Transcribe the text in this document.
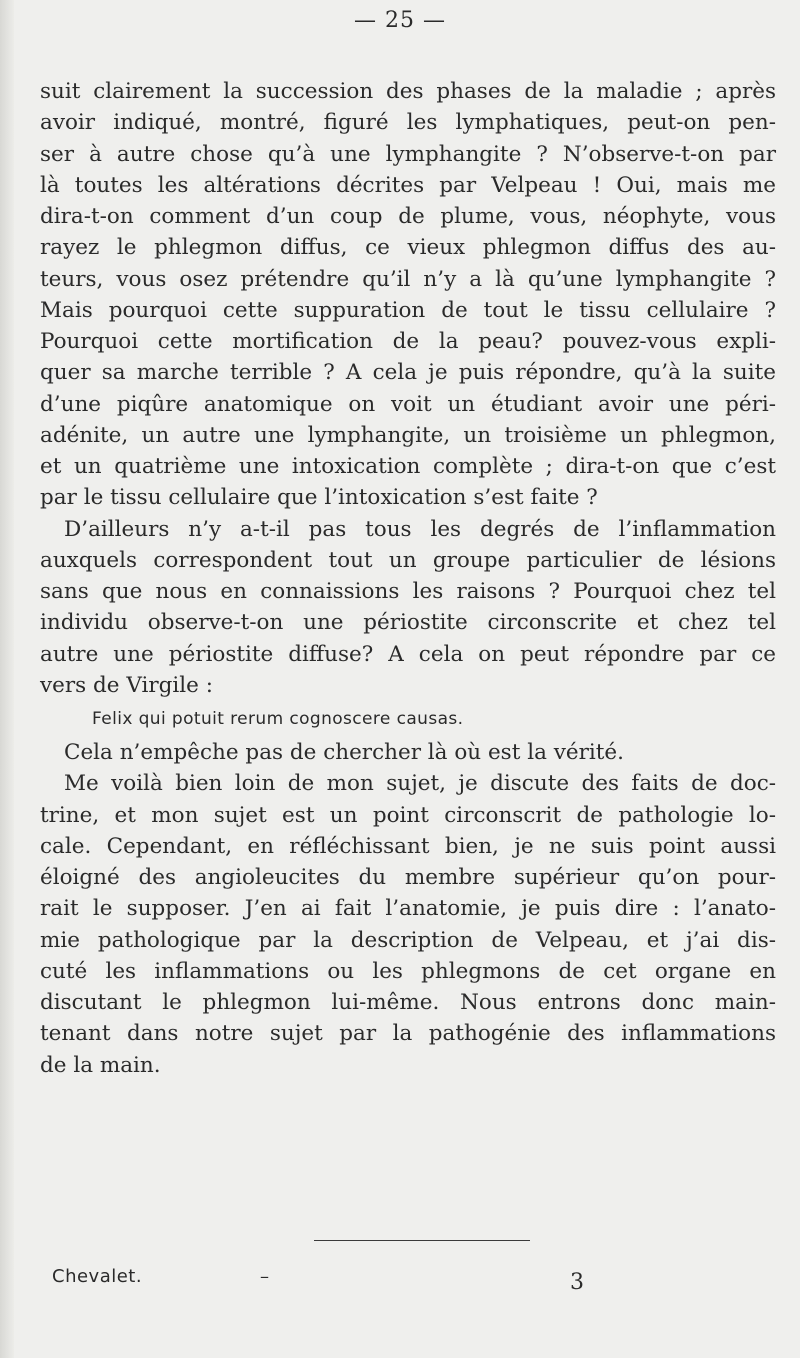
— 25 —
suit clairement la succession des phases de la maladie ; après
avoir indiqué, montré, figuré les lymphatiques, peut-on pen-
ser à autre chose qu’à une lymphangite ? N’observe-t-on par
là toutes les altérations décrites par Velpeau ! Oui, mais me
dira-t-on comment d’un coup de plume, vous, néophyte, vous
rayez le phlegmon diffus, ce vieux phlegmon diffus des au-
teurs, vous osez prétendre qu’il n’y a là qu’une lymphangite ?
Mais pourquoi cette suppuration de tout le tissu cellulaire ?
Pourquoi cette mortification de la peau? pouvez-vous expli-
quer sa marche terrible ? A cela je puis répondre, qu’à la suite
d’une piqûre anatomique on voit un étudiant avoir une péri-
adénite, un autre une lymphangite, un troisième un phlegmon,
et un quatrième une intoxication complète ; dira-t-on que c’est
par le tissu cellulaire que l’intoxication s’est faite ?
D’ailleurs n’y a-t-il pas tous les degrés de l’inflammation
auxquels correspondent tout un groupe particulier de lésions
sans que nous en connaissions les raisons ? Pourquoi chez tel
individu observe-t-on une périostite circonscrite et chez tel
autre une périostite diffuse? A cela on peut répondre par ce
vers de Virgile :
Felix qui potuit rerum cognoscere causas.
Cela n’empêche pas de chercher là où est la vérité.
Me voilà bien loin de mon sujet, je discute des faits de doc-
trine, et mon sujet est un point circonscrit de pathologie lo-
cale. Cependant, en réfléchissant bien, je ne suis point aussi
éloigné des angioleucites du membre supérieur qu’on pour-
rait le supposer. J’en ai fait l’anatomie, je puis dire : l’anato-
mie pathologique par la description de Velpeau, et j’ai dis-
cuté les inflammations ou les phlegmons de cet organe en
discutant le phlegmon lui-même. Nous entrons donc main-
tenant dans notre sujet par la pathogénie des inflammations
de la main.
Chevalet.	–	3
